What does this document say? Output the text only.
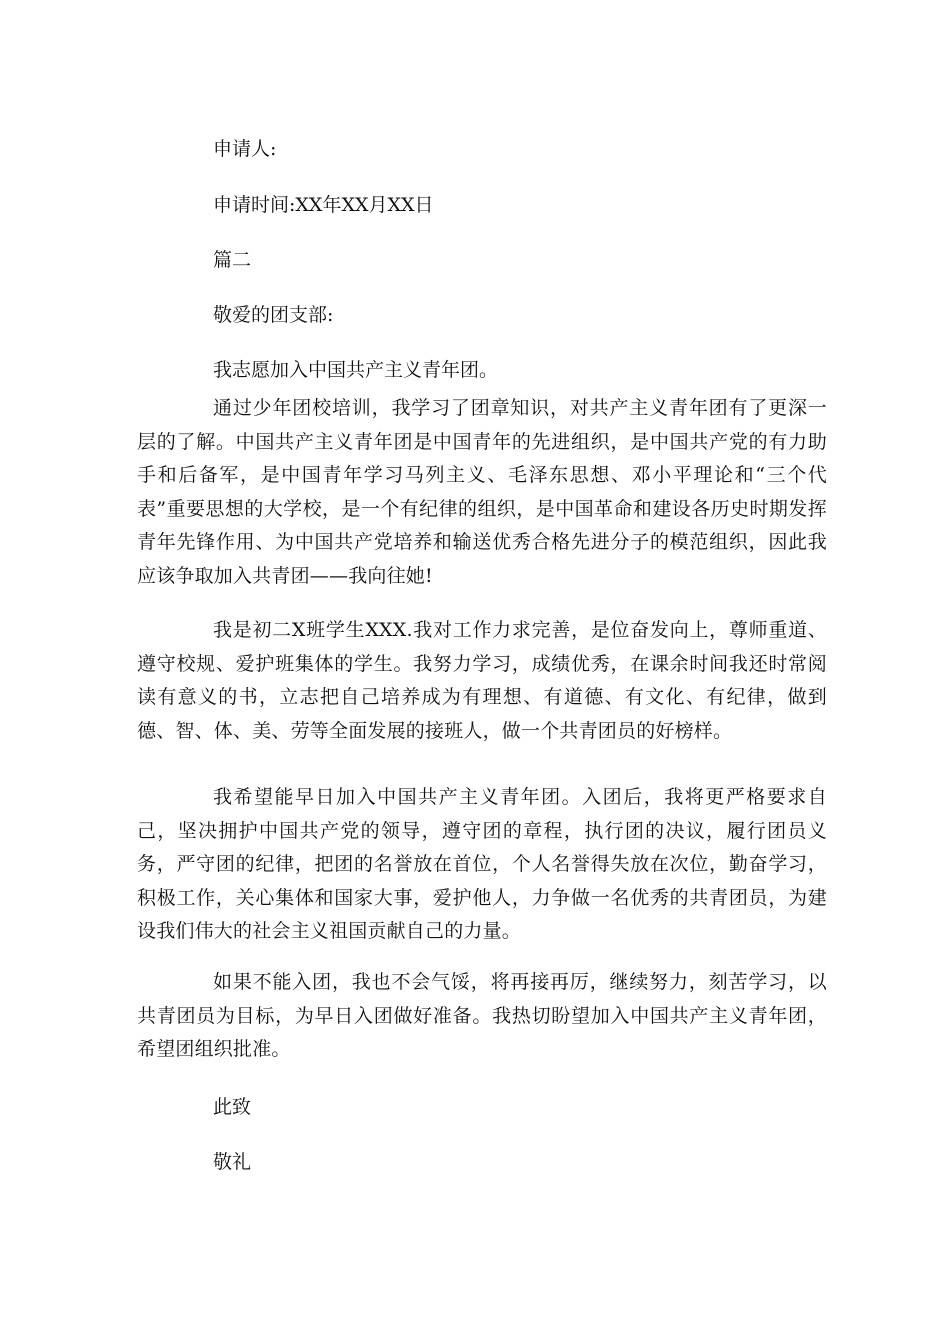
申请人:
申请时间:XX年XX月XX日
篇二
敬爱的团支部:
我志愿加入中国共产主义青年团。

通过少年团校培训，我学习了团章知识，对共产主义青年团有了更深一层的了解。中国共产主义青年团是中国青年的先进组织，是中国共产党的有力助手和后备军，是中国青年学习马列主义、毛泽东思想、邓小平理论和“三个代表”重要思想的大学校，是一个有纪律的组织，是中国革命和建设各历史时期发挥青年先锋作用、为中国共产党培养和输送优秀合格先进分子的模范组织，因此我应该争取加入共青团——我向往她!

我是初二X班学生XXX.我对工作力求完善，是位奋发向上，尊师重道、遵守校规、爱护班集体的学生。我努力学习，成绩优秀，在课余时间我还时常阅读有意义的书，立志把自己培养成为有理想、有道德、有文化、有纪律，做到德、智、体、美、劳等全面发展的接班人，做一个共青团员的好榜样。

我希望能早日加入中国共产主义青年团。入团后，我将更严格要求自己，坚决拥护中国共产党的领导，遵守团的章程，执行团的决议，履行团员义务，严守团的纪律，把团的名誉放在首位，个人名誉得失放在次位，勤奋学习，积极工作，关心集体和国家大事，爱护他人，力争做一名优秀的共青团员，为建设我们伟大的社会主义祖国贡献自己的力量。

如果不能入团，我也不会气馁，将再接再厉，继续努力，刻苦学习，以共青团员为目标，为早日入团做好准备。我热切盼望加入中国共产主义青年团，希望团组织批准。

此致
敬礼
